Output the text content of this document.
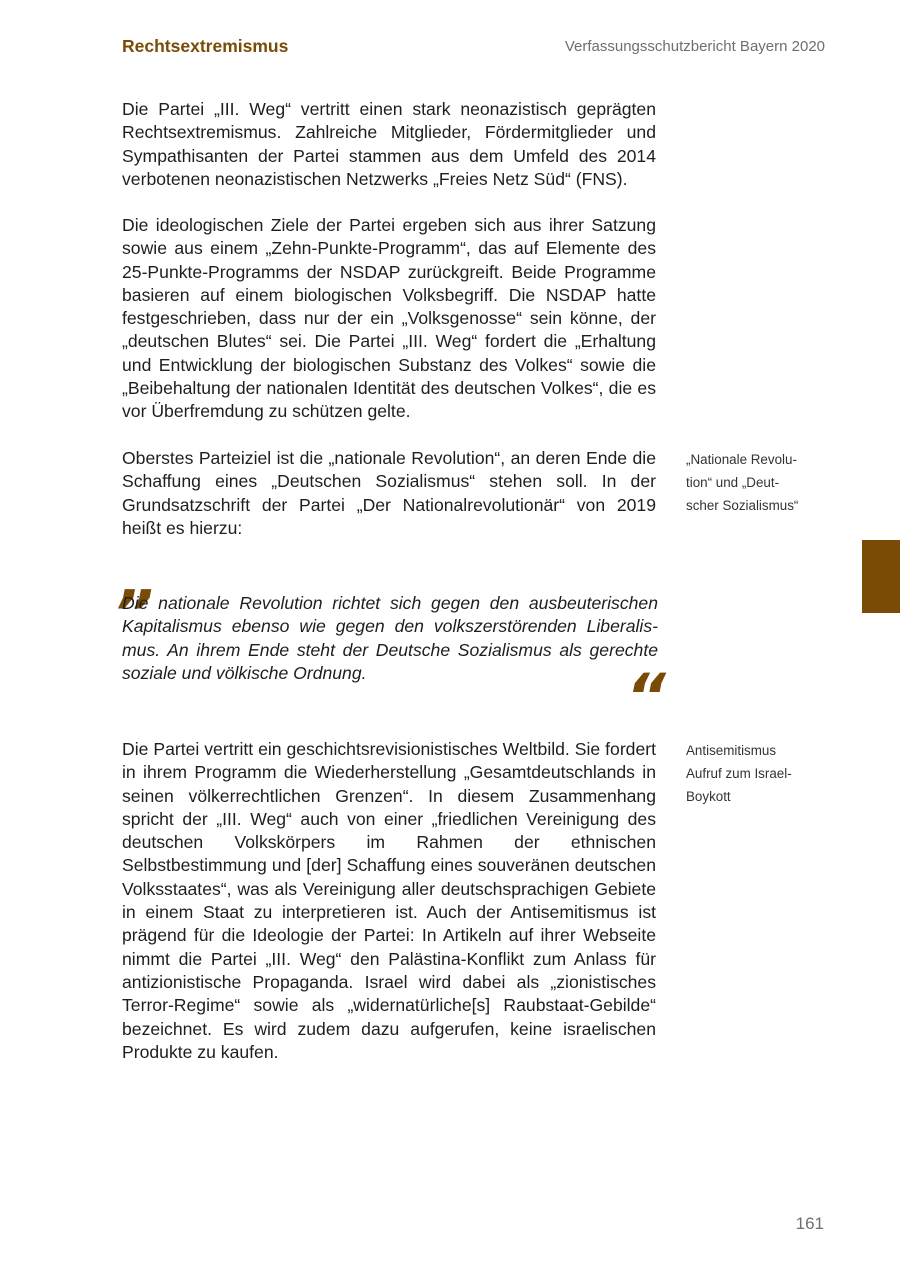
Rechtsextremismus	Verfassungsschutzbericht Bayern 2020

Die Partei „III. Weg“ vertritt einen stark neonazistisch geprägten Rechtsextremismus. Zahlreiche Mitglieder, Fördermitglieder und Sympathisanten der Partei stammen aus dem Umfeld des 2014 verbotenen neonazistischen Netzwerks „Freies Netz Süd“ (FNS).

Die ideologischen Ziele der Partei ergeben sich aus ihrer Satzung sowie aus einem „Zehn-Punkte-Programm“, das auf Elemente des 25-Punkte-Programms der NSDAP zurückgreift. Beide Programme basieren auf einem biologischen Volksbegriff. Die NSDAP hatte festgeschrieben, dass nur der ein „Volksgenosse“ sein könne, der „deutschen Blutes“ sei. Die Partei „III. Weg“ fordert die „Erhaltung und Entwicklung der biologischen Substanz des Volkes“ sowie die „Beibehaltung der nationalen Identität des deutschen Volkes“, die es vor Überfremdung zu schützen gelte.

Oberstes Parteiziel ist die „nationale Revolution“, an deren Ende die Schaffung eines „Deutschen Sozialismus“ stehen soll. In der Grundsatzschrift der Partei „Der Nationalrevolutionär“ von 2019 heißt es hierzu:

„

Die nationale Revolution richtet sich gegen den ausbeuterischen Kapitalismus ebenso wie gegen den volkszerstörenden Liberalismus. An ihrem Ende steht der Deutsche Sozialismus als gerechte soziale und völkische Ordnung.	“

Die Partei vertritt ein geschichtsrevisionistisches Weltbild. Sie fordert in ihrem Programm die Wiederherstellung „Gesamtdeutschlands in seinen völkerrechtlichen Grenzen“. In diesem Zusammenhang spricht der „III. Weg“ auch von einer „friedlichen Vereinigung des deutschen Volkskörpers im Rahmen der ethnischen Selbstbestimmung und [der] Schaffung eines souveränen deutschen Volksstaates“, was als Vereinigung aller deutschsprachigen Gebiete in einem Staat zu interpretieren ist. Auch der Antisemitismus ist prägend für die Ideologie der Partei: In Artikeln auf ihrer Webseite nimmt die Partei „III. Weg“ den Palästina-Konflikt zum Anlass für antizionistische Propaganda. Israel wird dabei als „zionistisches Terror-Regime“ sowie als „widernatürliche[s] Raubstaat-Gebilde“ bezeichnet. Es wird zudem dazu aufgerufen, keine israelischen Produkte zu kaufen.

„Nationale Revolu-
tion“ und „Deut-
scher Sozialismus“
Antisemitismus
Aufruf zum Israel-
Boykott
161
